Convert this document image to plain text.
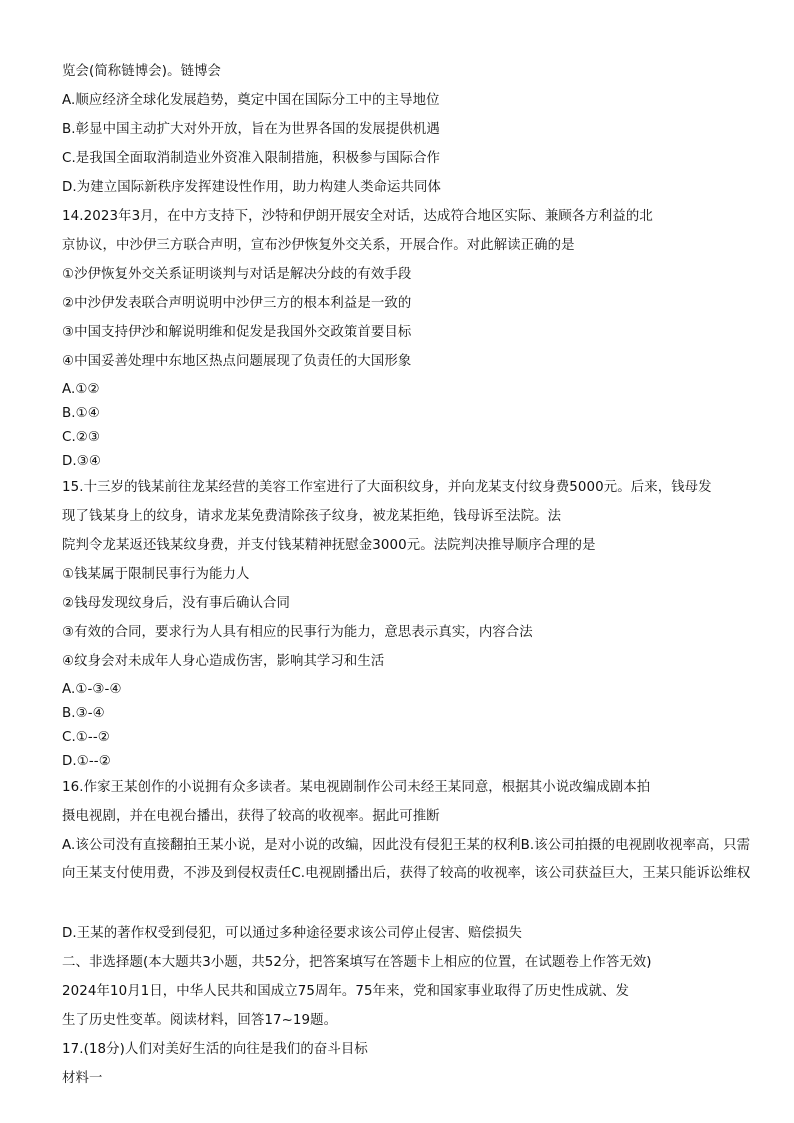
览会(简称链博会)。链博会
A.顺应经济全球化发展趋势，奠定中国在国际分工中的主导地位
B.彰显中国主动扩大对外开放，旨在为世界各国的发展提供机遇
C.是我国全面取消制造业外资准入限制措施，积极参与国际合作
D.为建立国际新秩序发挥建设性作用，助力构建人类命运共同体
14.2023年3月，在中方支持下，沙特和伊朗开展安全对话，达成符合地区实际、兼顾各方利益的北
京协议，中沙伊三方联合声明，宣布沙伊恢复外交关系，开展合作。对此解读正确的是
①沙伊恢复外交关系证明谈判与对话是解决分歧的有效手段
②中沙伊发表联合声明说明中沙伊三方的根本利益是一致的
③中国支持伊沙和解说明维和促发是我国外交政策首要目标
④中国妥善处理中东地区热点问题展现了负责任的大国形象
A.①②
B.①④
C.②③
D.③④
15.十三岁的钱某前往龙某经营的美容工作室进行了大面积纹身，并向龙某支付纹身费5000元。后来，钱母发
现了钱某身上的纹身，请求龙某免费清除孩子纹身，被龙某拒绝，钱母诉至法院。法
院判令龙某返还钱某纹身费，并支付钱某精神抚慰金3000元。法院判决推导顺序合理的是
①钱某属于限制民事行为能力人
②钱母发现纹身后，没有事后确认合同
③有效的合同，要求行为人具有相应的民事行为能力，意思表示真实，内容合法
④纹身会对未成年人身心造成伤害，影响其学习和生活
A.①-③-④
B.③-④
C.①--②
D.①--②
16.作家王某创作的小说拥有众多读者。某电视剧制作公司未经王某同意，根据其小说改编成剧本拍
摄电视剧，并在电视台播出，获得了较高的收视率。据此可推断
A.该公司没有直接翻拍王某小说，是对小说的改编，因此没有侵犯王某的权利B.该公司拍摄的电视剧收视率高，只需向王某支付使用费，不涉及到侵权责任C.电视剧播出后，获得了较高的收视率，该公司获益巨大，王某只能诉讼维权
D.王某的著作权受到侵犯，可以通过多种途径要求该公司停止侵害、赔偿损失
二、非选择题(本大题共3小题，共52分，把答案填写在答题卡上相应的位置，在试题卷上作答无效)
2024年10月1日，中华人民共和国成立75周年。75年来，党和国家事业取得了历史性成就、发
生了历史性变革。阅读材料，回答17~19题。
17.(18分)人们对美好生活的向往是我们的奋斗目标
材料一
